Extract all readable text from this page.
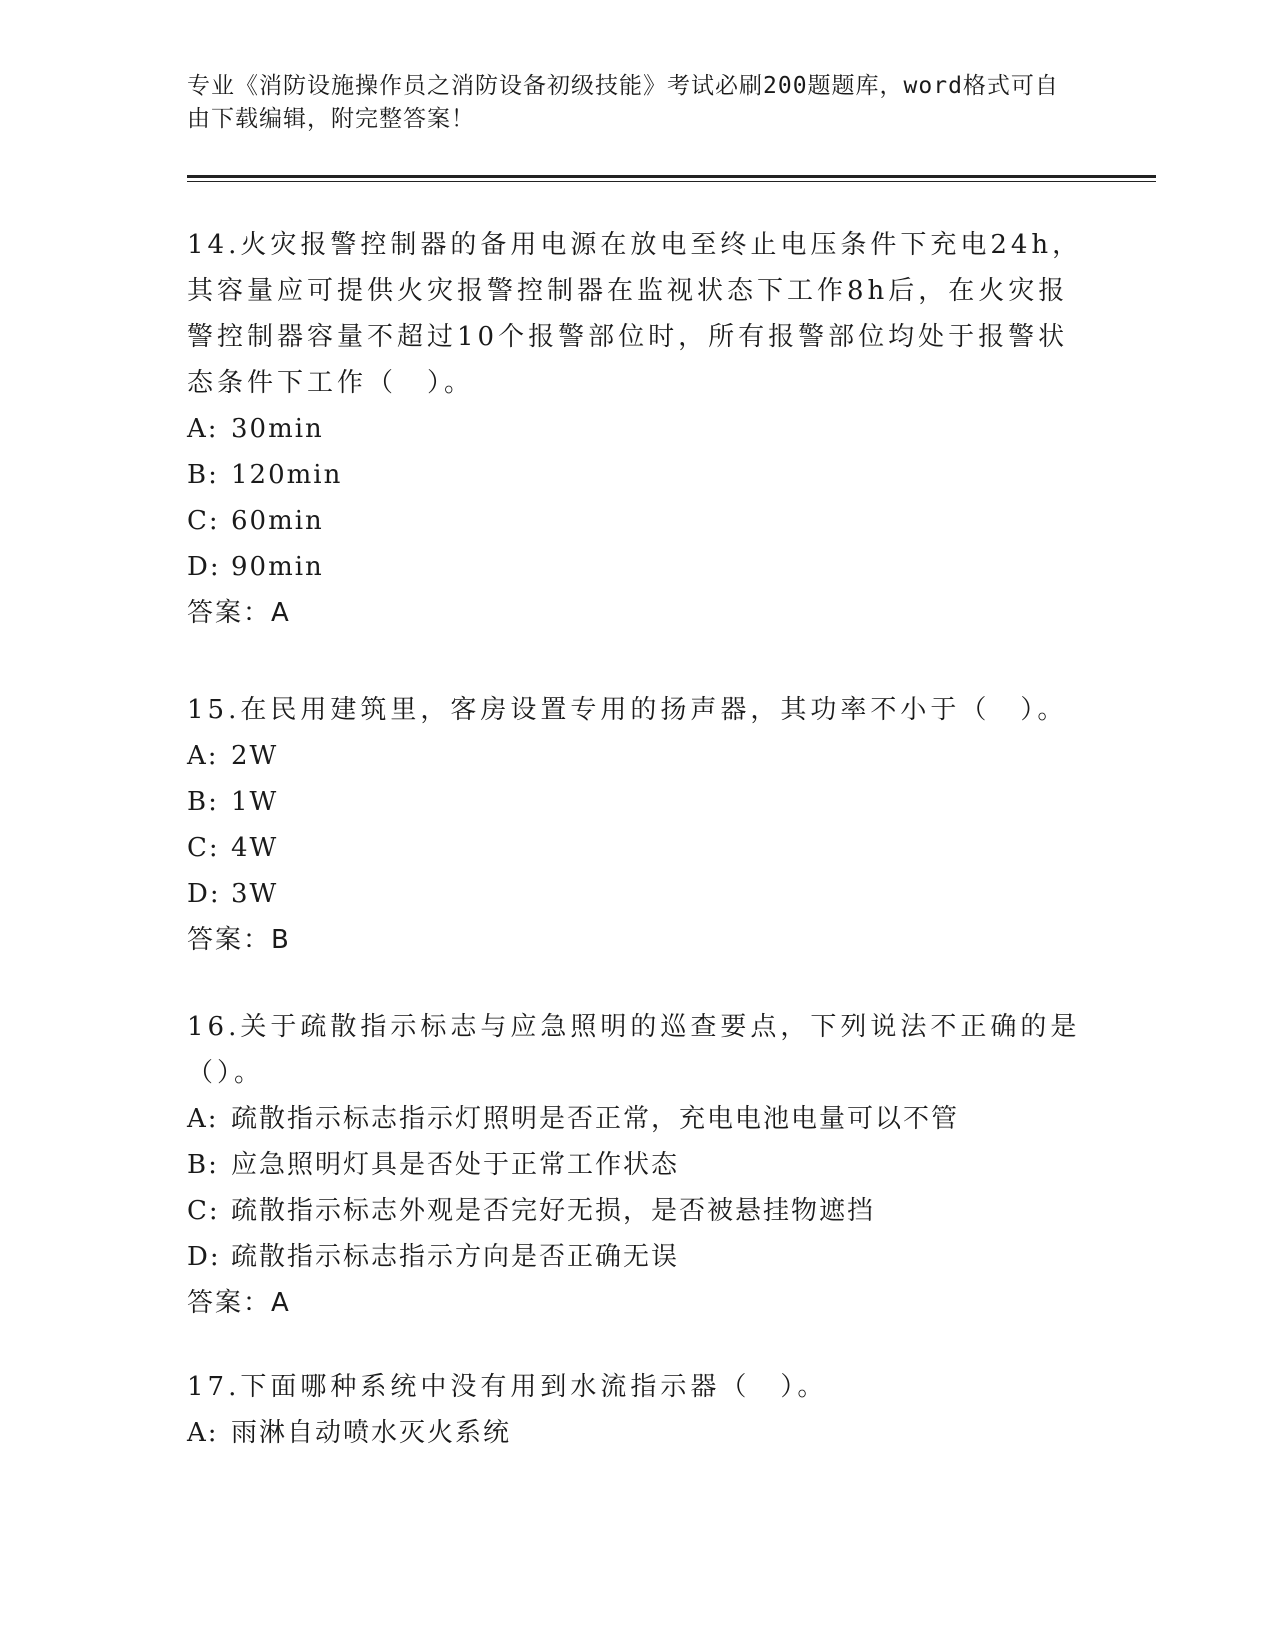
专业《消防设施操作员之消防设备初级技能》考试必刷200题题库，word格式可自由下载编辑，附完整答案！

14.火灾报警控制器的备用电源在放电至终止电压条件下充电24h，其容量应可提供火灾报警控制器在监视状态下工作8h后，在火灾报警控制器容量不超过10个报警部位时，所有报警部位均处于报警状态条件下工作（　）。

A: 30min

B: 120min

C: 60min

D: 90min

答案：A

15.在民用建筑里，客房设置专用的扬声器，其功率不小于（　）。

A: 2W

B: 1W

C: 4W

D: 3W

答案：B

16.关于疏散指示标志与应急照明的巡查要点，下列说法不正确的是（）。

A: 疏散指示标志指示灯照明是否正常，充电电池电量可以不管

B: 应急照明灯具是否处于正常工作状态

C: 疏散指示标志外观是否完好无损，是否被悬挂物遮挡

D: 疏散指示标志指示方向是否正确无误

答案：A

17.下面哪种系统中没有用到水流指示器（　）。

A: 雨淋自动喷水灭火系统
